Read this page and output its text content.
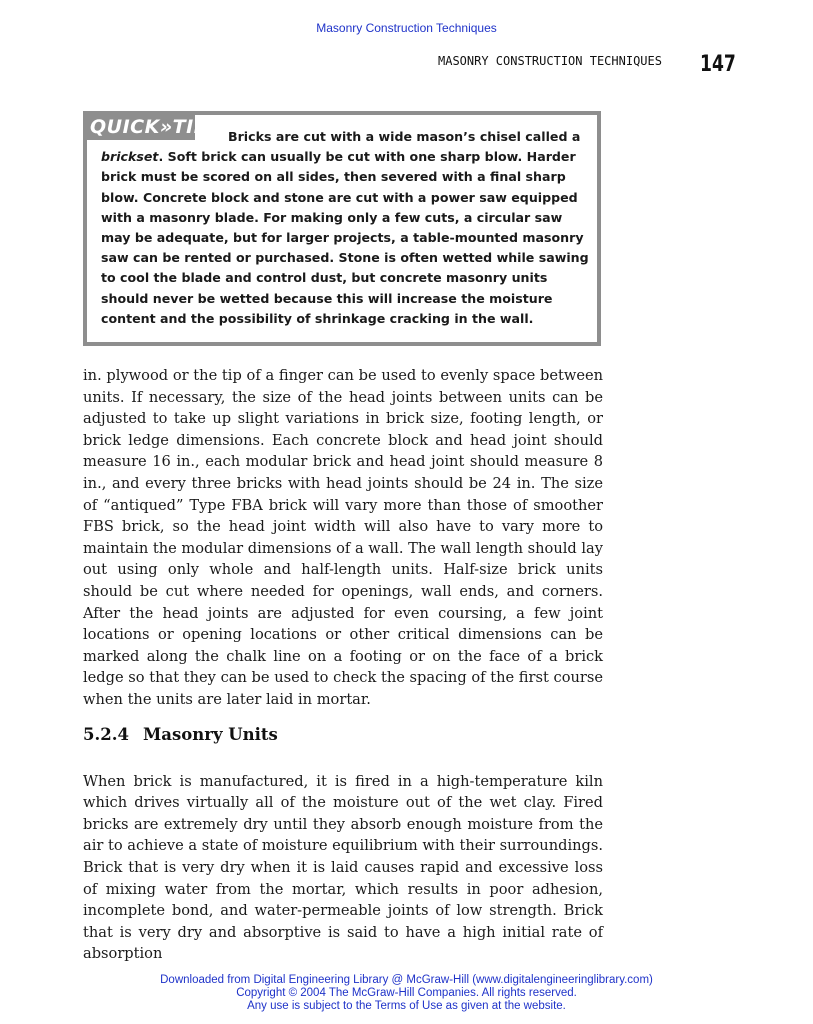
Masonry Construction Techniques
MASONRY CONSTRUCTION TECHNIQUES 147
QUICK»TIP	Bricks are cut with a wide mason’s chisel called a
brickset. Soft brick can usually be cut with one sharp blow. Harder brick must be scored on all sides, then severed with a final sharp blow. Concrete block and stone are cut with a power saw equipped with a masonry blade. For making only a few cuts, a circular saw may be adequate, but for larger projects, a table-mounted masonry saw can be rented or purchased. Stone is often wetted while sawing to cool the blade and control dust, but concrete masonry units should never be wetted because this will increase the moisture content and the possibility of shrinkage cracking in the wall.

in. plywood or the tip of a finger can be used to evenly space between units. If necessary, the size of the head joints between units can be adjusted to take up slight variations in brick size, footing length, or brick ledge dimensions. Each concrete block and head joint should measure 16 in., each modular brick and head joint should measure 8 in., and every three bricks with head joints should be 24 in. The size of “antiqued” Type FBA brick will vary more than those of smoother FBS brick, so the head joint width will also have to vary more to maintain the modular dimensions of a wall. The wall length should lay out using only whole and half-length units. Half-size brick units should be cut where needed for openings, wall ends, and corners. After the head joints are adjusted for even coursing, a few joint locations or opening locations or other critical dimensions can be marked along the chalk line on a footing or on the face of a brick ledge so that they can be used to check the spacing of the first course when the units are later laid in mortar.

5.2.4 Masonry Units

When brick is manufactured, it is fired in a high-temperature kiln which drives virtually all of the moisture out of the wet clay. Fired bricks are extremely dry until they absorb enough moisture from the air to achieve a state of moisture equilibrium with their surroundings. Brick that is very dry when it is laid causes rapid and excessive loss of mixing water from the mortar, which results in poor adhesion, incomplete bond, and water-permeable joints of low strength. Brick that is very dry and absorptive is said to have a high initial rate of absorption

Downloaded from Digital Engineering Library @ McGraw-Hill (www.digitalengineeringlibrary.com)
Copyright © 2004 The McGraw-Hill Companies. All rights reserved.
Any use is subject to the Terms of Use as given at the website.
